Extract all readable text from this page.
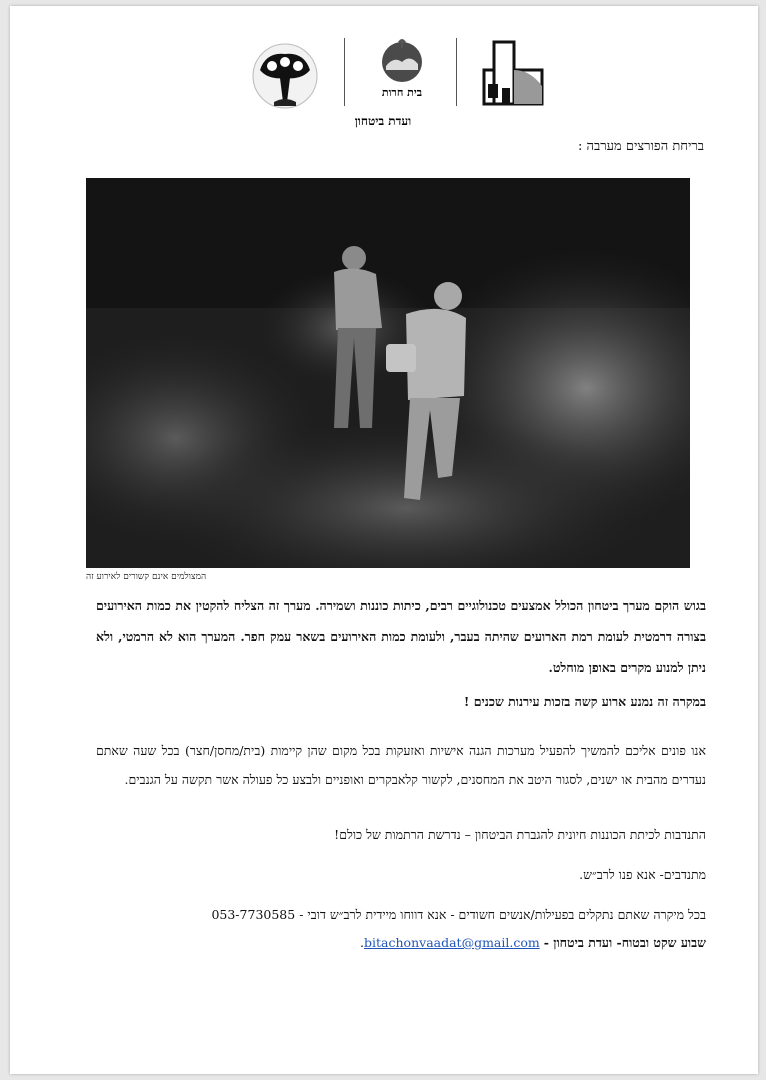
בית חרות
ועדת ביטחון
בריחת הפורצים מערבה :
המצולמים אינם קשורים לאירוע זה
בגוש הוקם מערך ביטחון הכולל אמצעים טכנולוגיים רבים, כיתות כוננות ושמירה. מערך זה הצליח להקטין את כמות האירועים בצורה דרמטית לעומת רמת הארועים שהיתה בעבר, ולעומת כמות האירועים בשאר עמק חפר. המערך הוא לא הרמטי, ולא ניתן למנוע מקרים באופן מוחלט.
במקרה זה נמנע ארוע קשה בזכות עירנות שכנים !
אנו פונים אליכם להמשיך להפעיל מערכות הגנה אישיות ואזעקות בכל מקום שהן קיימות (בית/מחסן/חצר) בכל שעה שאתם נעדרים מהבית או ישנים, לסגור היטב את המחסנים, לקשור קלאבקרים ואופניים ולבצע כל פעולה אשר תקשה על הגנבים.
התנדבות לכיתת הכוננות חיונית להגברת הביטחון – נדרשת הרתמות של כולם!
מתנדבים- אנא פנו לרב״ש.
בכל מיקרה שאתם נתקלים בפעילות/אנשים חשודים - אנא דווחו מיידית לרב״ש דובי - 053-7730585
שבוע שקט ובטוח- ועדת ביטחון - bitachonvaadat@gmail.com.
